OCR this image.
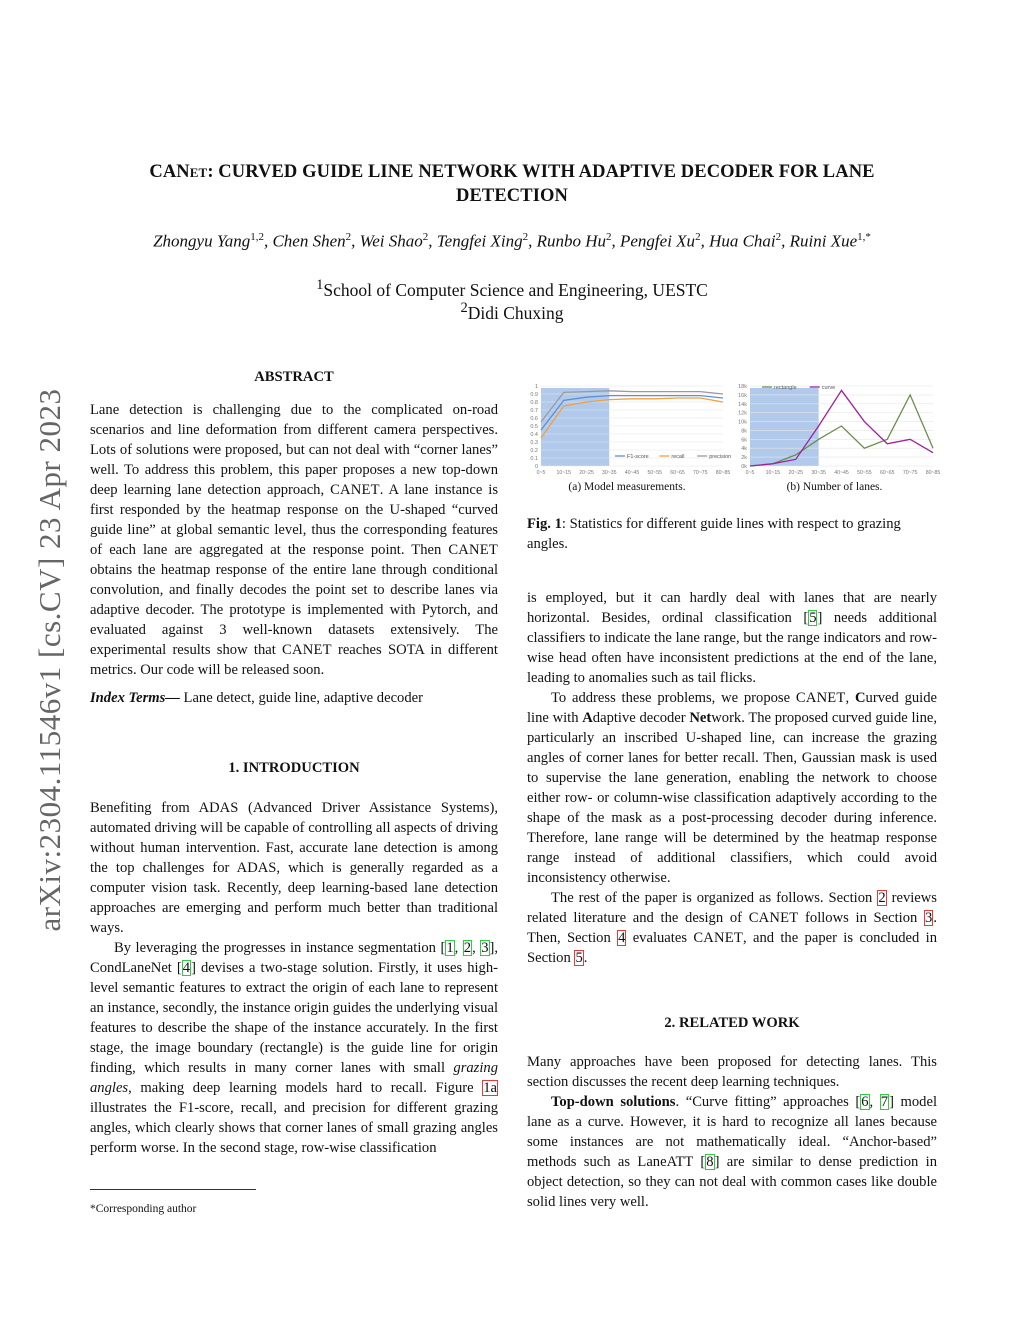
arXiv:2304.11546v1 [cs.CV] 23 Apr 2023
CANet: CURVED GUIDE LINE NETWORK WITH ADAPTIVE DECODER FOR LANE
DETECTION
Zhongyu Yang$^{1,2}$, Chen Shen$^2$, Wei Shao$^2$, Tengfei Xing$^2$, Runbo Hu$^2$, Pengfei Xu$^2$, Hua Chai$^2$, Ruini Xue$^{1,*}$
$^1$School of Computer Science and Engineering, UESTC
$^2$Didi Chuxing
ABSTRACT

Lane detection is challenging due to the complicated on-road scenarios and line deformation from different camera perspectives. Lots of solutions were proposed, but can not deal with “corner lanes” well. To address this problem, this paper proposes a new top-down deep learning lane detection approach, CANET. A lane instance is first responded by the heatmap response on the U-shaped “curved guide line” at global semantic level, thus the corresponding features of each lane are aggregated at the response point. Then CANET obtains the heatmap response of the entire lane through conditional convolution, and finally decodes the point set to describe lanes via adaptive decoder. The prototype is implemented with Pytorch, and evaluated against 3 well-known datasets extensively. The experimental results show that CANET reaches SOTA in different metrics. Our code will be released soon.

Index Terms— Lane detect, guide line, adaptive decoder

1. INTRODUCTION

Benefiting from ADAS (Advanced Driver Assistance Systems), automated driving will be capable of controlling all aspects of driving without human intervention. Fast, accurate lane detection is among the top challenges for ADAS, which is generally regarded as a computer vision task. Recently, deep learning-based lane detection approaches are emerging and perform much better than traditional ways.

By leveraging the progresses in instance segmentation [1, 2, 3], CondLaneNet [4] devises a two-stage solution. Firstly, it uses high-level semantic features to extract the origin of each lane to represent an instance, secondly, the instance origin guides the underlying visual features to describe the shape of the instance accurately. In the first stage, the image boundary (rectangle) is the guide line for origin finding, which results in many corner lanes with small grazing angles, making deep learning models hard to recall. Figure 1a illustrates the F1-score, recall, and precision for different grazing angles, which clearly shows that corner lanes of small grazing angles perform worse. In the second stage, row-wise classification

*Corresponding author
0
0.1
0.2
0.3
0.4
0.5
0.6
0.7
0.8
0.9
1
0~5 10~15 20~25 30~35 40~45 50~55 60~65 70~75 80~85
F1-score	recall	precision
0k
2k
4k
6k
8k
10k
12k
14k
16k
18k
0~5 10~15 20~25 30~35 40~45 50~55 60~65 70~75 80~85
rectangle	curve
(a) Model measurements.	(b) Number of lanes.
Fig. 1: Statistics for different guide lines with respect to grazing angles.

is employed, but it can hardly deal with lanes that are nearly horizontal. Besides, ordinal classification [5] needs additional classifiers to indicate the lane range, but the range indicators and row-wise head often have inconsistent predictions at the end of the lane, leading to anomalies such as tail flicks.

To address these problems, we propose CANET, Curved guide line with Adaptive decoder Network. The proposed curved guide line, particularly an inscribed U-shaped line, can increase the grazing angles of corner lanes for better recall. Then, Gaussian mask is used to supervise the lane generation, enabling the network to choose either row- or column-wise classification adaptively according to the shape of the mask as a post-processing decoder during inference. Therefore, lane range will be determined by the heatmap response range instead of additional classifiers, which could avoid inconsistency otherwise.

The rest of the paper is organized as follows. Section 2 reviews related literature and the design of CANET follows in Section 3. Then, Section 4 evaluates CANET, and the paper is concluded in Section 5.

2. RELATED WORK

Many approaches have been proposed for detecting lanes. This section discusses the recent deep learning techniques.

Top-down solutions. “Curve fitting” approaches [6, 7] model lane as a curve. However, it is hard to recognize all lanes because some instances are not mathematically ideal. “Anchor-based” methods such as LaneATT [8] are similar to dense prediction in object detection, so they can not deal with common cases like double solid lines very well.
